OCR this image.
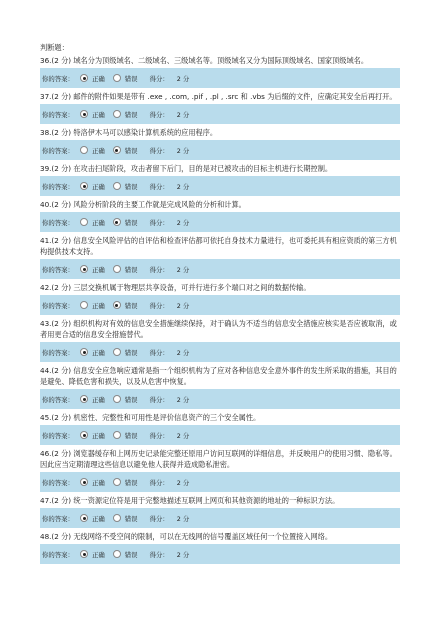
判断题：
36.(2 分) 域名分为顶级域名、二级域名、三级域名等。顶级域名又分为国际顶级域名、国家顶级域名。
你的答案：	正确	错误 得分： 2 分
37.(2 分) 邮件的附件如果是带有 .exe , .com, .pif , .pl , .src 和 .vbs 为后缀的文件，应确定其安全后再打开。
你的答案：	正确	错误 得分： 2 分
38.(2 分) 特洛伊木马可以感染计算机系统的应用程序。
你的答案：	正确	错误 得分： 2 分
39.(2 分) 在攻击扫尾阶段，攻击者留下后门，目的是对已被攻击的目标主机进行长期控制。
你的答案：	正确	错误 得分： 2 分
40.(2 分) 风险分析阶段的主要工作就是完成风险的分析和计算。
你的答案：	正确	错误 得分： 2 分
41.(2 分) 信息安全风险评估的自评估和检查评估都可依托自身技术力量进行，也可委托具有相应资质的第三方机构提供技术支持。
你的答案：	正确	错误 得分： 2 分
42.(2 分) 三层交换机属于物理层共享设备，可并行进行多个端口对之间的数据传输。
你的答案：	正确	错误 得分： 2 分
43.(2 分) 组织机构对有效的信息安全措施继续保持，对于确认为不适当的信息安全措施应核实是否应被取消，或者用更合适的信息安全措施替代。
你的答案：	正确	错误 得分： 2 分
44.(2 分) 信息安全应急响应通常是指一个组织机构为了应对各种信息安全意外事件的发生所采取的措施，其目的是避免、降低危害和损失，以及从危害中恢复。
你的答案：	正确	错误 得分： 2 分
45.(2 分) 机密性、完整性和可用性是评价信息资产的三个安全属性。
你的答案：	正确	错误 得分： 2 分
46.(2 分) 浏览器缓存和上网历史记录能完整还原用户访问互联网的详细信息，并反映用户的使用习惯、隐私等。因此应当定期清理这些信息以避免他人获得并造成隐私泄密。
你的答案：	正确	错误 得分： 2 分
47.(2 分) 统一资源定位符是用于完整地描述互联网上网页和其他资源的地址的一种标识方法。
你的答案：	正确	错误 得分： 2 分
48.(2 分) 无线网络不受空间的限制，可以在无线网的信号覆盖区域任何一个位置接入网络。
你的答案：	正确	错误 得分： 2 分
